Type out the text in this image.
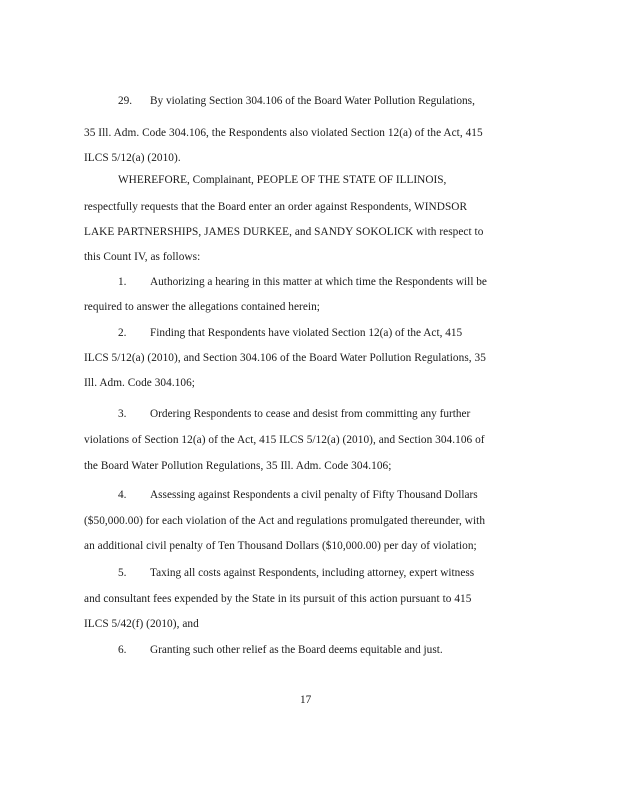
29. By violating Section 304.106 of the Board Water Pollution Regulations,
35 Ill. Adm. Code 304.106, the Respondents also violated Section 12(a) of the Act, 415
ILCS 5/12(a) (2010).
WHEREFORE, Complainant, PEOPLE OF THE STATE OF ILLINOIS,
respectfully requests that the Board enter an order against Respondents, WINDSOR
LAKE PARTNERSHIPS, JAMES DURKEE, and SANDY SOKOLICK with respect to
this Count IV, as follows:
1. Authorizing a hearing in this matter at which time the Respondents will be
required to answer the allegations contained herein;
2. Finding that Respondents have violated Section 12(a) of the Act, 415
ILCS 5/12(a) (2010), and Section 304.106 of the Board Water Pollution Regulations, 35
Ill. Adm. Code 304.106;
3. Ordering Respondents to cease and desist from committing any further
violations of Section 12(a) of the Act, 415 ILCS 5/12(a) (2010), and Section 304.106 of
the Board Water Pollution Regulations, 35 Ill. Adm. Code 304.106;
4. Assessing against Respondents a civil penalty of Fifty Thousand Dollars
($50,000.00) for each violation of the Act and regulations promulgated thereunder, with
an additional civil penalty of Ten Thousand Dollars ($10,000.00) per day of violation;
5. Taxing all costs against Respondents, including attorney, expert witness
and consultant fees expended by the State in its pursuit of this action pursuant to 415
ILCS 5/42(f) (2010), and
6. Granting such other relief as the Board deems equitable and just.
17
